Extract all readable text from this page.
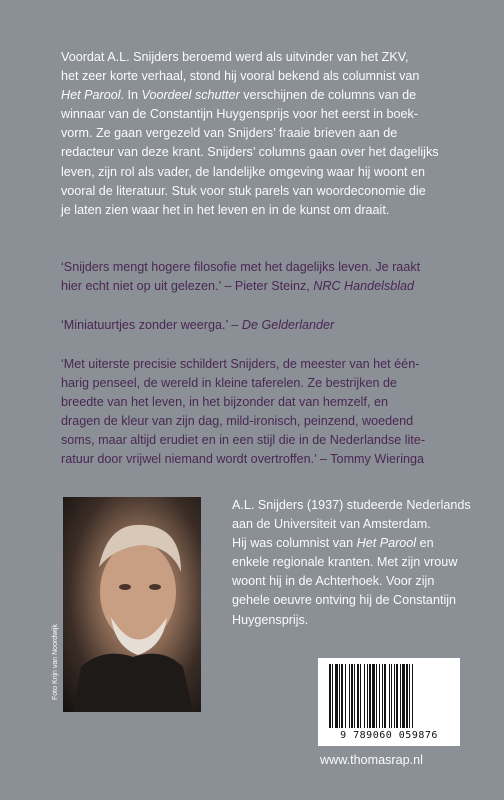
Voordat A.L. Snijders beroemd werd als uitvinder van het ZKV,
het zeer korte verhaal, stond hij vooral bekend als columnist van
Het Parool. In Voordeel schutter verschijnen de columns van de
winnaar van de Constantijn Huygensprijs voor het eerst in boek-
vorm. Ze gaan vergezeld van Snijders’ fraaie brieven aan de
redacteur van deze krant. Snijders’ columns gaan over het dagelijks
leven, zijn rol als vader, de landelijke omgeving waar hij woont en
vooral de literatuur. Stuk voor stuk parels van woordeconomie die
je laten zien waar het in het leven en in de kunst om draait.
‘Snijders mengt hogere filosofie met het dagelijks leven. Je raakt
hier echt niet op uit gelezen.’ – Pieter Steinz, NRC Handelsblad
‘Miniatuurtjes zonder weerga.’ – De Gelderlander
‘Met uiterste precisie schildert Snijders, de meester van het één-
harig penseel, de wereld in kleine taferelen. Ze bestrijken de
breedte van het leven, in het bijzonder dat van hemzelf, en
dragen de kleur van zijn dag, mild-ironisch, peinzend, woedend
soms, maar altijd erudiet en in een stijl die in de Nederlandse lite-
ratuur door vrijwel niemand wordt overtroffen.’ – Tommy Wieringa
Foto Krijn van Noordwijk
A.L. Snijders (1937) studeerde Nederlands
aan de Universiteit van Amsterdam.
Hij was columnist van Het Parool en
enkele regionale kranten. Met zijn vrouw
woont hij in de Achterhoek. Voor zijn
gehele oeuvre ontving hij de Constantijn
Huygensprijs.
9 789060 059876
www.thomasrap.nl
